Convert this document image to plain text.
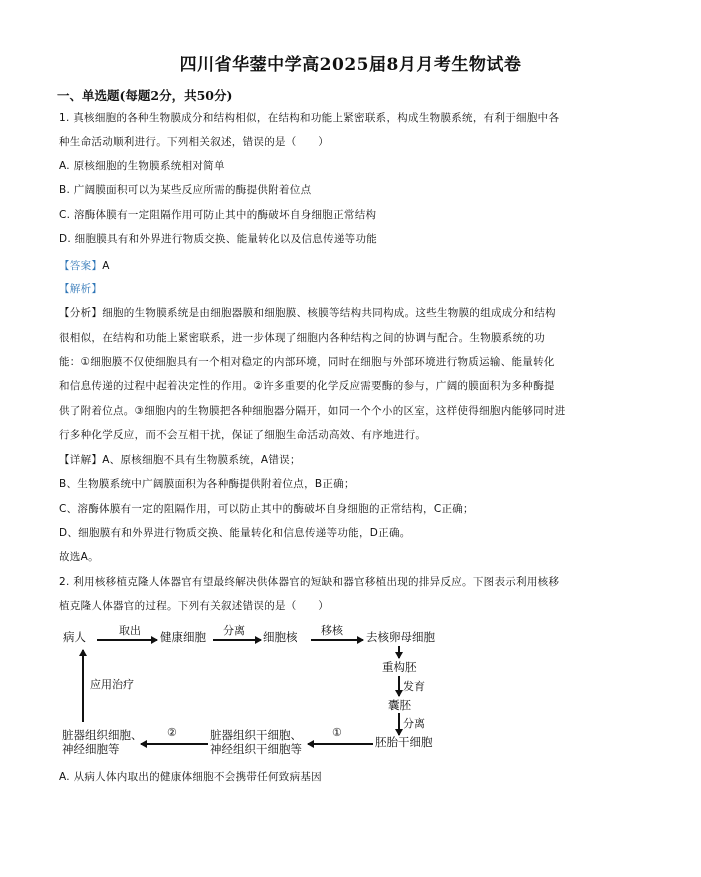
四川省华蓥中学高2025届8月月考生物试卷
一、单选题(每题2分，共50分)
1. 真核细胞的各种生物膜成分和结构相似，在结构和功能上紧密联系，构成生物膜系统，有利于细胞中各
种生命活动顺利进行。下列相关叙述，错误的是（　　）
A. 原核细胞的生物膜系统相对简单
B. 广阔膜面积可以为某些反应所需的酶提供附着位点
C. 溶酶体膜有一定阻隔作用可防止其中的酶破坏自身细胞正常结构
D. 细胞膜具有和外界进行物质交换、能量转化以及信息传递等功能
【答案】A
【解析】
【分析】细胞的生物膜系统是由细胞器膜和细胞膜、核膜等结构共同构成。这些生物膜的组成成分和结构
很相似，在结构和功能上紧密联系，进一步体现了细胞内各种结构之间的协调与配合。生物膜系统的功
能：①细胞膜不仅使细胞具有一个相对稳定的内部环境，同时在细胞与外部环境进行物质运输、能量转化
和信息传递的过程中起着决定性的作用。②许多重要的化学反应需要酶的参与，广阔的膜面积为多种酶提
供了附着位点。③细胞内的生物膜把各种细胞器分隔开，如同一个个小的区室，这样使得细胞内能够同时进
行多种化学反应，而不会互相干扰，保证了细胞生命活动高效、有序地进行。
【详解】A、原核细胞不具有生物膜系统，A错误；
B、生物膜系统中广阔膜面积为各种酶提供附着位点，B正确；
C、溶酶体膜有一定的阻隔作用，可以防止其中的酶破坏自身细胞的正常结构，C正确；
D、细胞膜有和外界进行物质交换、能量转化和信息传递等功能，D正确。
故选A。
2. 利用核移植克隆人体器官有望最终解决供体器官的短缺和器官移植出现的排异反应。下图表示利用核移
植克隆人体器官的过程。下列有关叙述错误的是（　　）
病人	取出 健康细胞 分离 细胞核 移核 去核卵母细胞
重构胚
发育
囊胚
分离
胚胎干细胞
①
脏器组织干细胞、
神经组织干细胞等
②
脏器组织细胞、
神经细胞等
应用治疗
A. 从病人体内取出的健康体细胞不会携带任何致病基因
